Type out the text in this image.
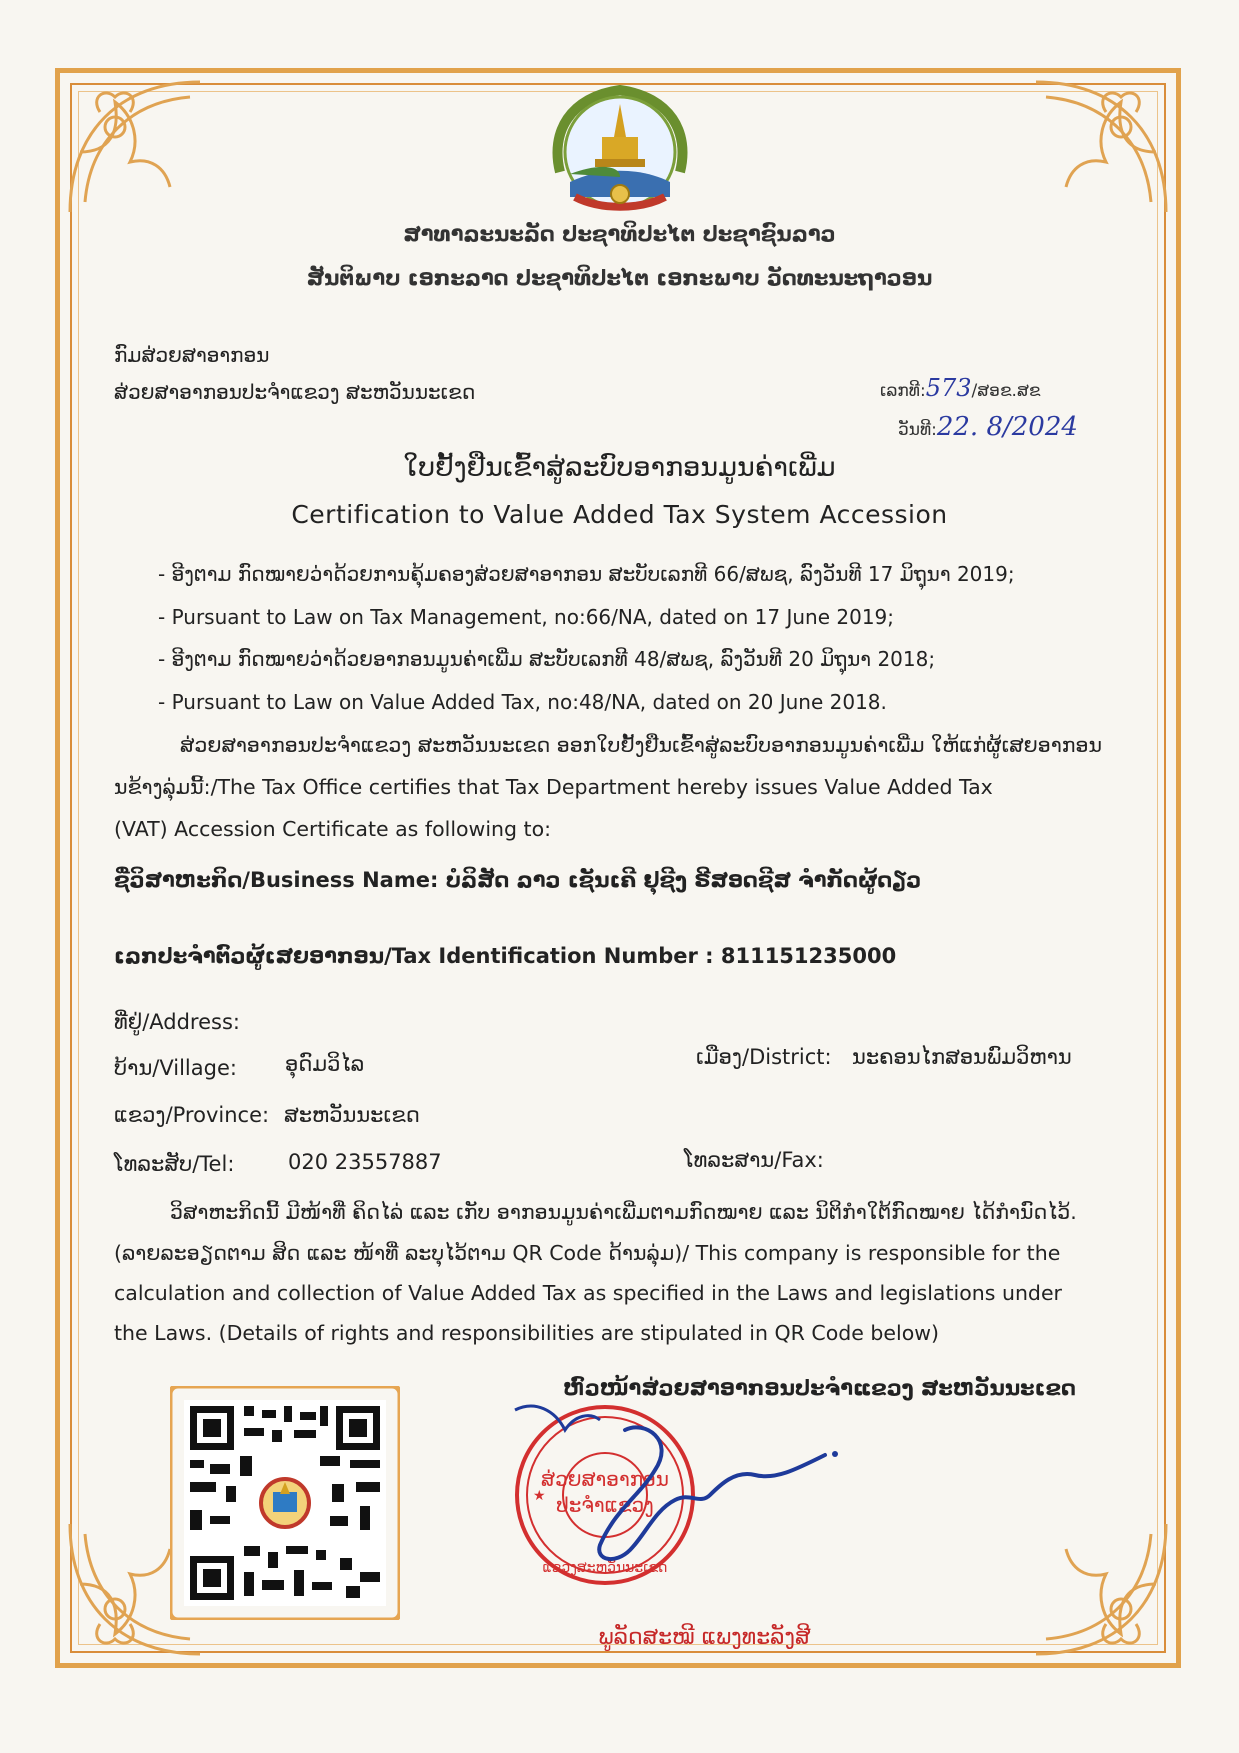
ສາທາລະນະລັດ ປະຊາທິປະໄຕ ປະຊາຊົນລາວ
ສັນຕິພາບ ເອກະລາດ ປະຊາທິປະໄຕ ເອກະພາບ ວັດທະນະຖາວອນ
ກົມສ່ວຍສາອາກອນ
ສ່ວຍສາອາກອນປະຈຳແຂວງ ສະຫວັນນະເຂດ	ເລກທີ:573/ສອຂ.ສຂ
ວັນທີ:22. 8/2024
ໃບຢັ້ງຢືນເຂົ້າສູ່ລະບົບອາກອນມູນຄ່າເພີ່ມ
Certification to Value Added Tax System Accession
- ອີງຕາມ ກົດໝາຍວ່າດ້ວຍການຄຸ້ມຄອງສ່ວຍສາອາກອນ ສະບັບເລກທີ 66/ສພຊ, ລົງວັນທີ 17 ມິຖຸນາ 2019;
- Pursuant to Law on Tax Management, no:66/NA, dated on 17 June 2019;
- ອີງຕາມ ກົດໝາຍວ່າດ້ວຍອາກອນມູນຄ່າເພີ່ມ ສະບັບເລກທີ 48/ສພຊ, ລົງວັນທີ 20 ມິຖຸນາ 2018;
- Pursuant to Law on Value Added Tax, no:48/NA, dated on 20 June 2018.
ສ່ວຍສາອາກອນປະຈຳແຂວງ ສະຫວັນນະເຂດ ອອກໃບຢັ້ງຢືນເຂົ້າສູ່ລະບົບອາກອນມູນຄ່າເພີ່ມ ໃຫ້ແກ່ຜູ້ເສຍອາກອນ
ນຂ້າງລຸ່ມນີ້:/The Tax Office certifies that Tax Department hereby issues Value Added Tax
(VAT) Accession Certificate as following to:
ຊື່ວິສາຫະກິດ/Business Name: ບໍລິສັດ ລາວ ເຊັນເຄີ ຢຸຊີງ ຣີສອດຊີສ ຈຳກັດຜູ້ດຽວ
ເລກປະຈຳຕົວຜູ້ເສຍອາກອນ/Tax Identification Number : 811151235000
ທີ່ຢູ່/Address:
ບ້ານ/Village: ອຸດົມວິໄລ	ເມືອງ/District: ນະຄອນໄກສອນພົມວິຫານ
ແຂວງ/Province: ສະຫວັນນະເຂດ
ໂທລະສັບ/Tel:	020 23557887	ໂທລະສານ/Fax:
ວິສາຫະກິດນີ້ ມີໜ້າທີ່ ຄິດໄລ່ ແລະ ເກັບ ອາກອນມູນຄ່າເພີ່ມຕາມກົດໝາຍ ແລະ ນິຕິກຳໃຕ້ກົດໝາຍ ໄດ້ກຳນົດໄວ້.
(ລາຍລະອຽດຕາມ ສິດ ແລະ ໜ້າທີ່ ລະບຸໄວ້ຕາມ QR Code ດ້ານລຸ່ມ)/ This company is responsible for the
calculation and collection of Value Added Tax as specified in the Laws and legislations under
the Laws. (Details of rights and responsibilities are stipulated in QR Code below)
ຫົວໜ້າສ່ວຍສາອາກອນປະຈຳແຂວງ ສະຫວັນນະເຂດ
ສ່ວຍສາອາກອນ
ປະຈຳແຂວງ
ແຂວງສະຫວັນນະເຂດ
★
ພູລັດສະໝີ ແພງທະລັງສີ
